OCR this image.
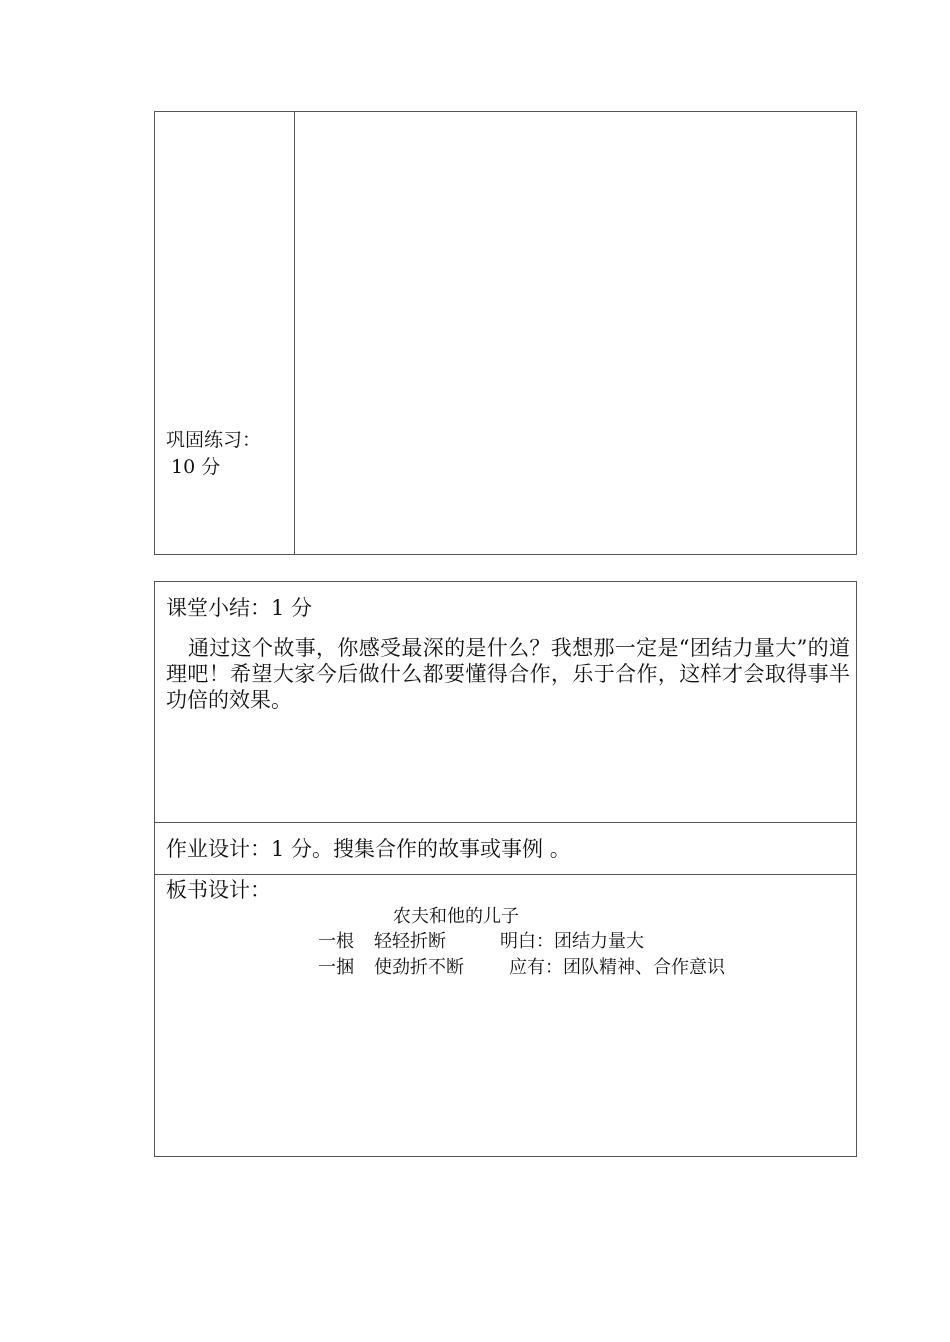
巩固练习：
10 分
课堂小结：1 分
通过这个故事，你感受最深的是什么？我想那一定是“团结力量大”的道理吧！希望大家今后做什么都要懂得合作，乐于合作，这样才会取得事半功倍的效果。
作业设计：1 分。搜集合作的故事或事例 。
板书设计：
农夫和他的儿子
一根 轻轻折断	明白：团结力量大
一捆 使劲折不断	应有：团队精神、合作意识
